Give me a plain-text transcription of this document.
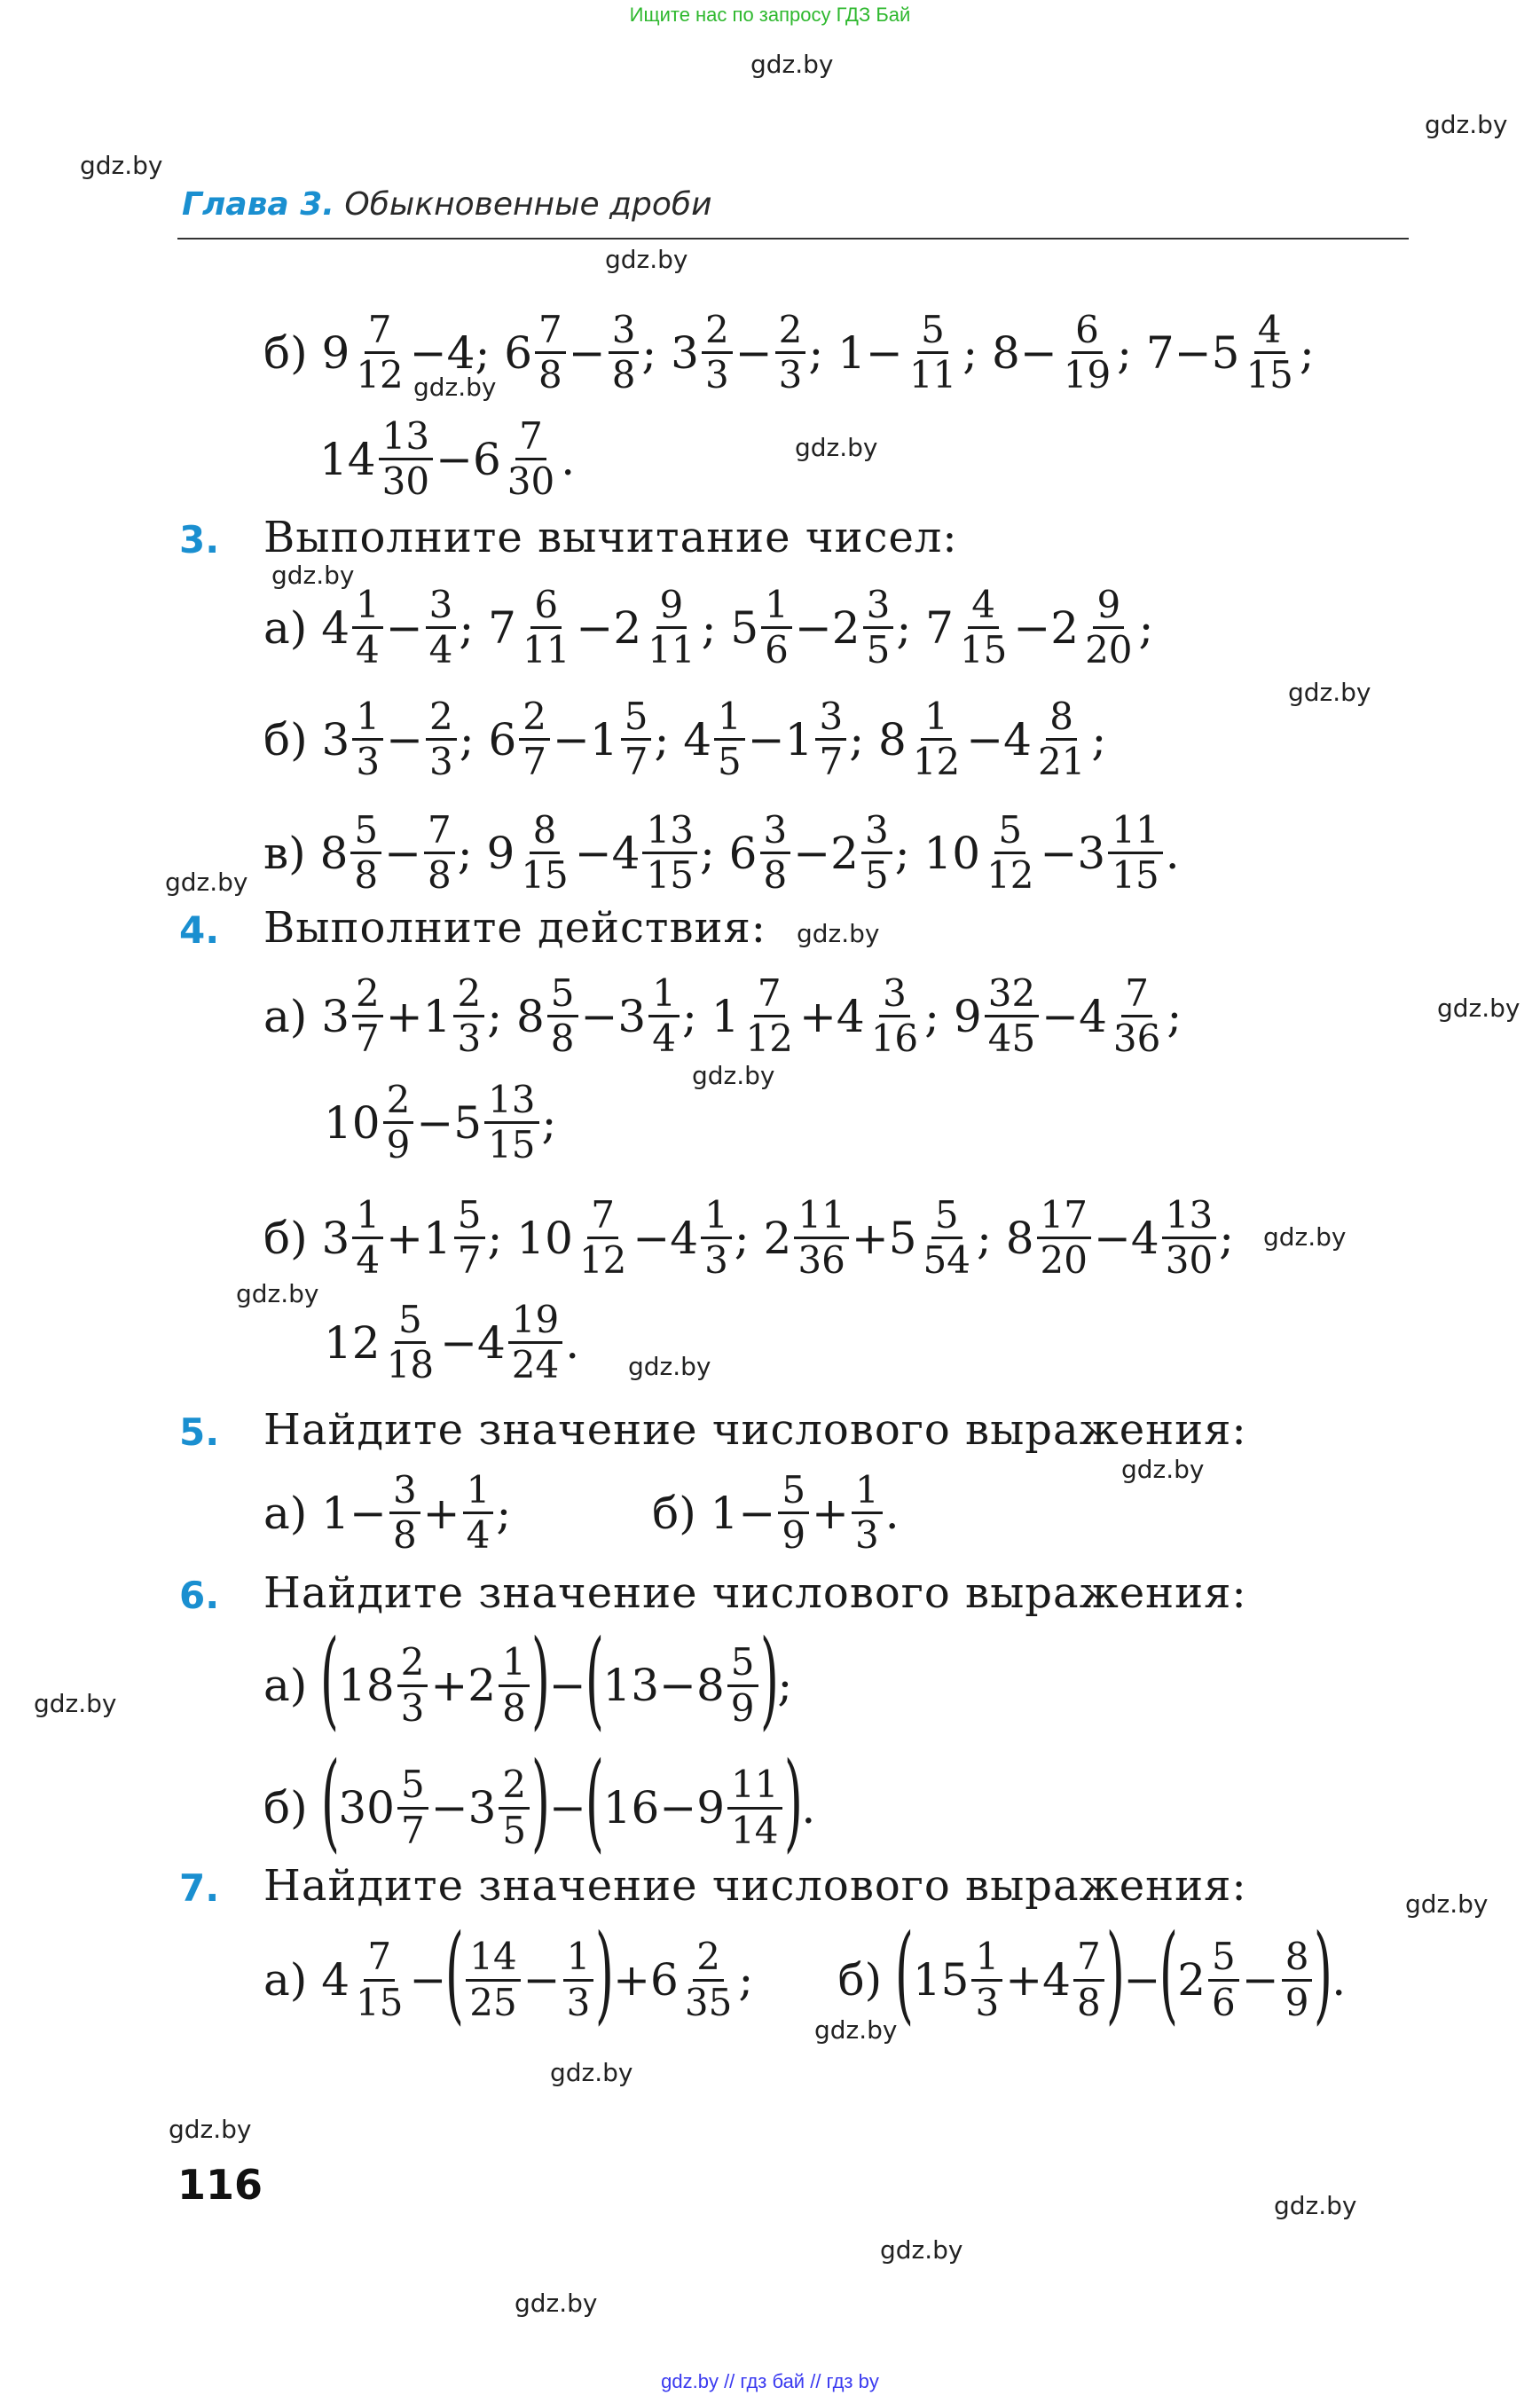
Ищите нас по запросу ГДЗ Бай
Глава 3. Обыкновенные дроби
3. Выполните вычитание чисел:
4. Выполните действия:
5. Найдите значение числового выражения:
6. Найдите значение числового выражения:
7. Найдите значение числового выражения:
б) $9 \frac{7}{12} -4$; $6 \frac{7}{8} - \frac{3}{8}$ ; $3 \frac{2}{3} - \frac{2}{3}$ ; $1- \frac{5}{11}$ ; $8- \frac{6}{19}$ ; $7-5 \frac{4}{15}$ ;
$14 \frac{13}{30} -6 \frac{7}{30}$ .
а) $4 \frac{1}{4} - \frac{3}{4}$ ; $7 \frac{6}{11} -2 \frac{9}{11}$ ; $5 \frac{1}{6} -2 \frac{3}{5}$ ; $7 \frac{4}{15} -2 \frac{9}{20}$ ;
б) $3 \frac{1}{3} - \frac{2}{3}$ ; $6 \frac{2}{7} -1 \frac{5}{7}$ ; $4 \frac{1}{5} -1 \frac{3}{7}$ ; $8 \frac{1}{12} -4 \frac{8}{21}$ ;
в) $8 \frac{5}{8} - \frac{7}{8}$ ; $9 \frac{8}{15} -4 \frac{13}{15}$ ; $6 \frac{3}{8} -2 \frac{3}{5}$ ; $10 \frac{5}{12} -3 \frac{11}{15}$ .
а) $3 \frac{2}{7} +1 \frac{2}{3}$ ; $8 \frac{5}{8} -3 \frac{1}{4}$ ; $1 \frac{7}{12} +4 \frac{3}{16}$ ; $9 \frac{32}{45} -4 \frac{7}{36}$ ;
$10 \frac{2}{9} -5 \frac{13}{15}$ ;
б) $3 \frac{1}{4} +1 \frac{5}{7}$ ; $10 \frac{7}{12} -4 \frac{1}{3}$ ; $2 \frac{11}{36} +5 \frac{5}{54}$ ; $8 \frac{17}{20} -4 \frac{13}{30}$ ;
$12 \frac{5}{18} -4 \frac{19}{24}$ .
а) $1- \frac{3}{8} + \frac{1}{4}$ ;          б) $1- \frac{5}{9} + \frac{1}{3}$ .
а)
(
$18 \frac{2}{3} +2 \frac{1}{8}$ )
−
(
$13-8 \frac{5}{9}$ )
;
б)
(
$30 \frac{5}{7} -3 \frac{2}{5}$ )
−
(
$16-9 \frac{11}{14}$ )
.
а) $4 \frac{7}{15}$ −
( $\frac{14}{25} - \frac{1}{3}$ )
$+6 \frac{2}{35}$ ;      б)
(
$15 \frac{1}{3} +4 \frac{7}{8}$ )
−
(
$2 \frac{5}{6} - \frac{8}{9}$ )
.
gdz.by
gdz.by
gdz.by
gdz.by
gdz.by
gdz.by
gdz.by
gdz.by
gdz.by
gdz.by
gdz.by
gdz.by
gdz.by
gdz.by
gdz.by
gdz.by
gdz.by
gdz.by
gdz.by
gdz.by
gdz.by
gdz.by
gdz.by
gdz.by
116
gdz.by // гдз бай // гдз by
